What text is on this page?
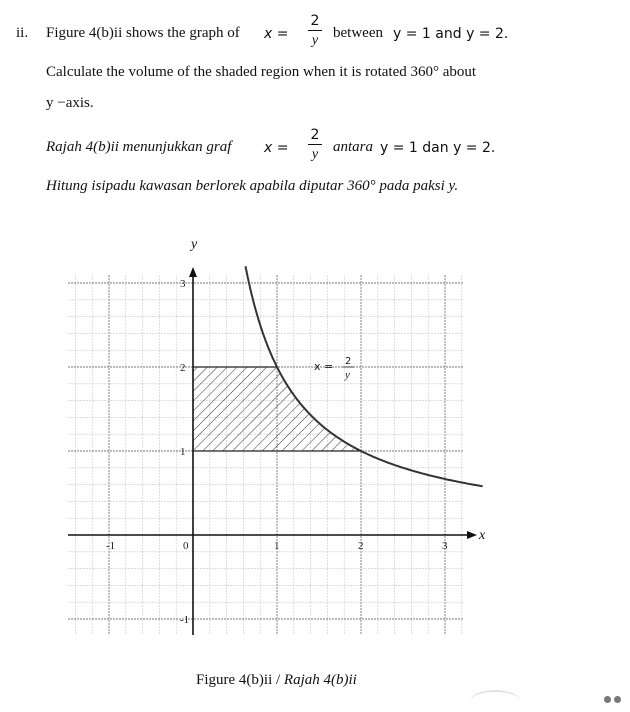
ii. Figure 4(b)ii shows the graph of x =
2
y between y = 1 and y = 2.
Calculate the volume of the shaded region when it is rotated 360° about
y −axis.
Rajah 4(b)ii menunjukkan graf x =
2
y antara y = 1 dan y = 2.
Hitung isipadu kawasan berlorek apabila diputar 360° pada paksi y.
-1	0	1	2	3
3
2
1
-1
x
y
x = 2
y
Figure 4(b)ii / Rajah 4(b)ii
